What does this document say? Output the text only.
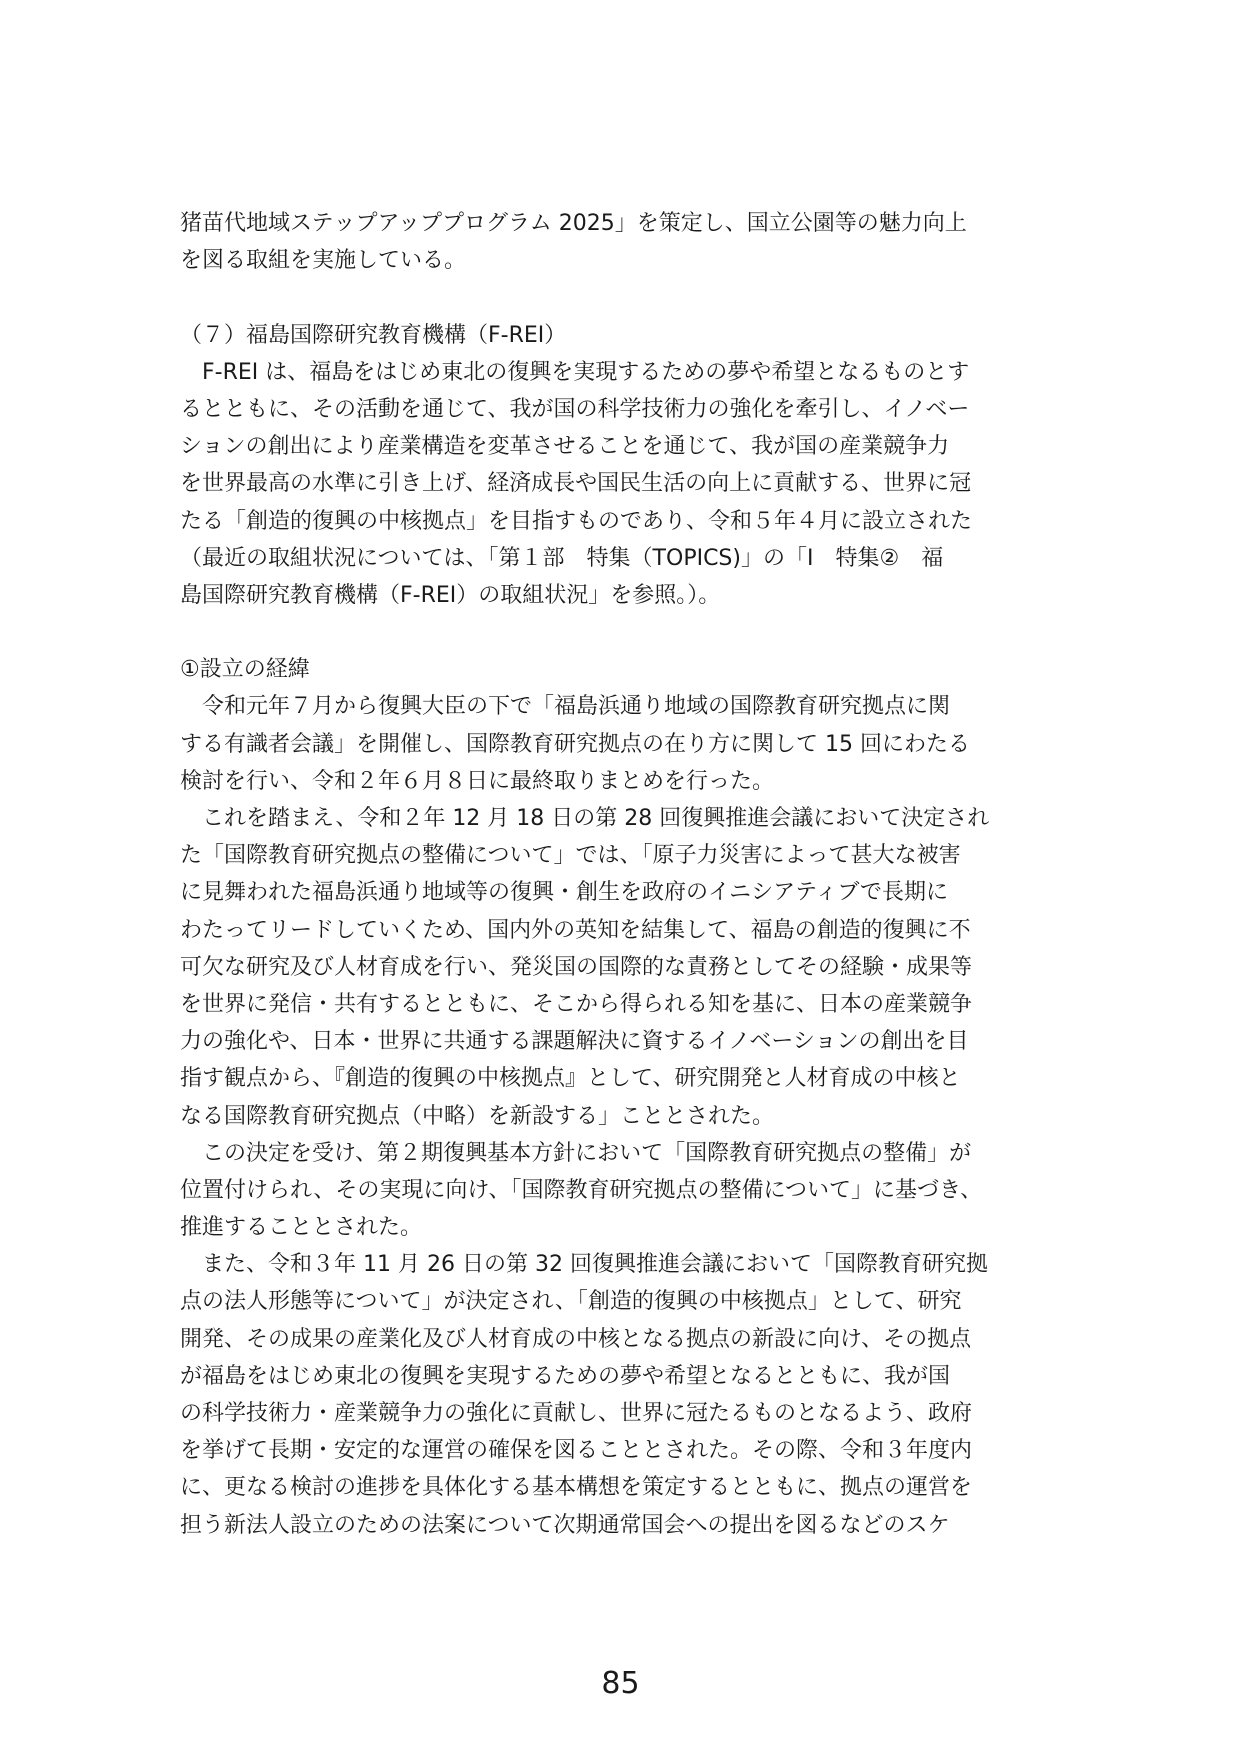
猪苗代地域ステップアッププログラム 2025」を策定し、国立公園等の魅力向上
を図る取組を実施している。
（７）福島国際研究教育機構（F-REI）
　F-REI は、福島をはじめ東北の復興を実現するための夢や希望となるものとす
るとともに、その活動を通じて、我が国の科学技術力の強化を牽引し、イノベー
ションの創出により産業構造を変革させることを通じて、我が国の産業競争力
を世界最高の水準に引き上げ、経済成長や国民生活の向上に貢献する、世界に冠
たる「創造的復興の中核拠点」を目指すものであり、令和５年４月に設立された
（最近の取組状況については、「第１部　特集（TOPICS)」の「Ⅰ　特集②　福
島国際研究教育機構（F-REI）の取組状況」を参照。）。
①設立の経緯
　令和元年７月から復興大臣の下で「福島浜通り地域の国際教育研究拠点に関
する有識者会議」を開催し、国際教育研究拠点の在り方に関して 15 回にわたる
検討を行い、令和２年６月８日に最終取りまとめを行った。
　これを踏まえ、令和２年 12 月 18 日の第 28 回復興推進会議において決定され
た「国際教育研究拠点の整備について」では、「原子力災害によって甚大な被害
に見舞われた福島浜通り地域等の復興・創生を政府のイニシアティブで長期に
わたってリードしていくため、国内外の英知を結集して、福島の創造的復興に不
可欠な研究及び人材育成を行い、発災国の国際的な責務としてその経験・成果等
を世界に発信・共有するとともに、そこから得られる知を基に、日本の産業競争
力の強化や、日本・世界に共通する課題解決に資するイノベーションの創出を目
指す観点から、『創造的復興の中核拠点』として、研究開発と人材育成の中核と
なる国際教育研究拠点（中略）を新設する」こととされた。
　この決定を受け、第２期復興基本方針において「国際教育研究拠点の整備」が
位置付けられ、その実現に向け、「国際教育研究拠点の整備について」に基づき、
推進することとされた。
　また、令和３年 11 月 26 日の第 32 回復興推進会議において「国際教育研究拠
点の法人形態等について」が決定され、「創造的復興の中核拠点」として、研究
開発、その成果の産業化及び人材育成の中核となる拠点の新設に向け、その拠点
が福島をはじめ東北の復興を実現するための夢や希望となるとともに、我が国
の科学技術力・産業競争力の強化に貢献し、世界に冠たるものとなるよう、政府
を挙げて長期・安定的な運営の確保を図ることとされた。その際、令和３年度内
に、更なる検討の進捗を具体化する基本構想を策定するとともに、拠点の運営を
担う新法人設立のための法案について次期通常国会への提出を図るなどのスケ
85
